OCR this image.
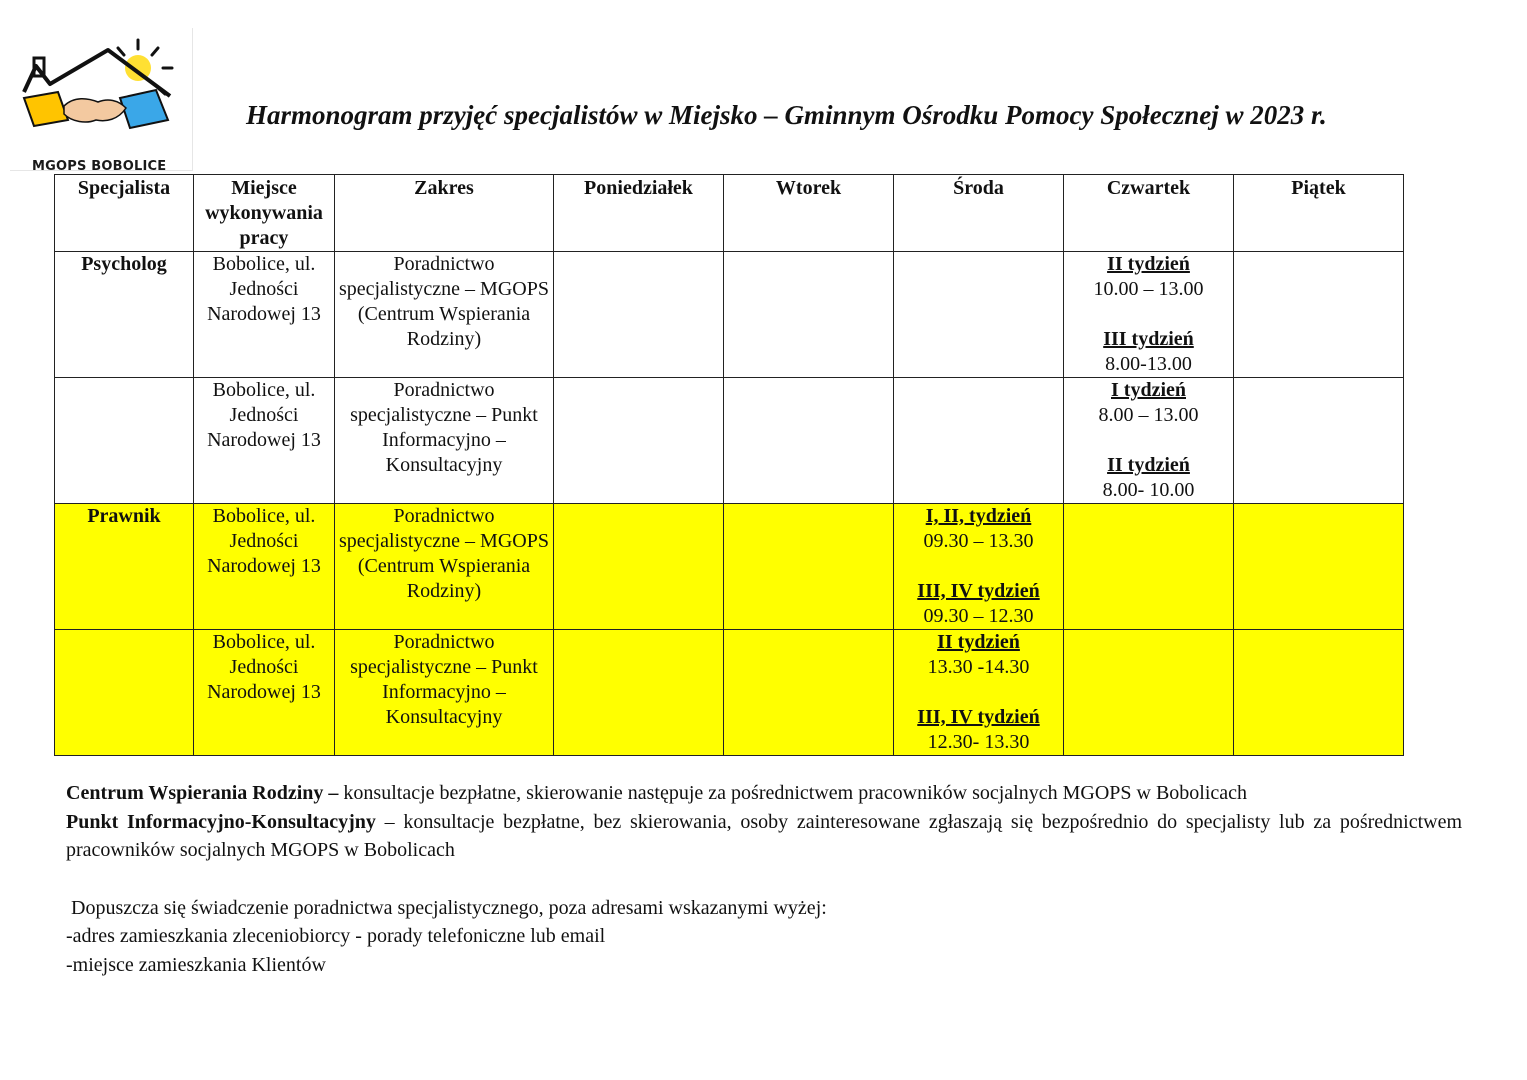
MGOPS BOBOLICE
Harmonogram przyjęć specjalistów w Miejsko – Gminnym Ośrodku Pomocy Społecznej w 2023 r.
Specjalista	Miejsce wykonywania pracy	Zakres	Poniedziałek	Wtorek	Środa	Czwartek	Piątek
Psycholog	Bobolice, ul. Jedności Narodowej 13	Poradnictwo specjalistyczne – MGOPS (Centrum Wspierania Rodziny)				II tydzień
10.00 – 13.00
III tydzień
8.00-13.00	

	Bobolice, ul. Jedności Narodowej 13	Poradnictwo specjalistyczne – Punkt Informacyjno – Konsultacyjny				I tydzień
8.00 – 13.00
II tydzień
8.00- 10.00	

Prawnik	Bobolice, ul. Jedności Narodowej 13	Poradnictwo specjalistyczne – MGOPS (Centrum Wspierania Rodziny)			I, II, tydzień
09.30 – 13.30
III, IV tydzień
09.30 – 12.30		

	Bobolice, ul. Jedności Narodowej 13	Poradnictwo specjalistyczne – Punkt Informacyjno – Konsultacyjny			II tydzień
13.30 -14.30
III, IV tydzień
12.30- 13.30		

Centrum Wspierania Rodziny – konsultacje bezpłatne, skierowanie następuje za pośrednictwem pracowników socjalnych MGOPS w Bobolicach

Punkt Informacyjno-Konsultacyjny – konsultacje bezpłatne, bez skierowania, osoby zainteresowane zgłaszają się bezpośrednio do specjalisty lub za pośrednictwem pracowników socjalnych MGOPS w Bobolicach

Dopuszcza się świadczenie poradnictwa specjalistycznego, poza adresami wskazanymi wyżej:

-adres zamieszkania zleceniobiorcy - porady telefoniczne lub email

-miejsce zamieszkania Klientów
